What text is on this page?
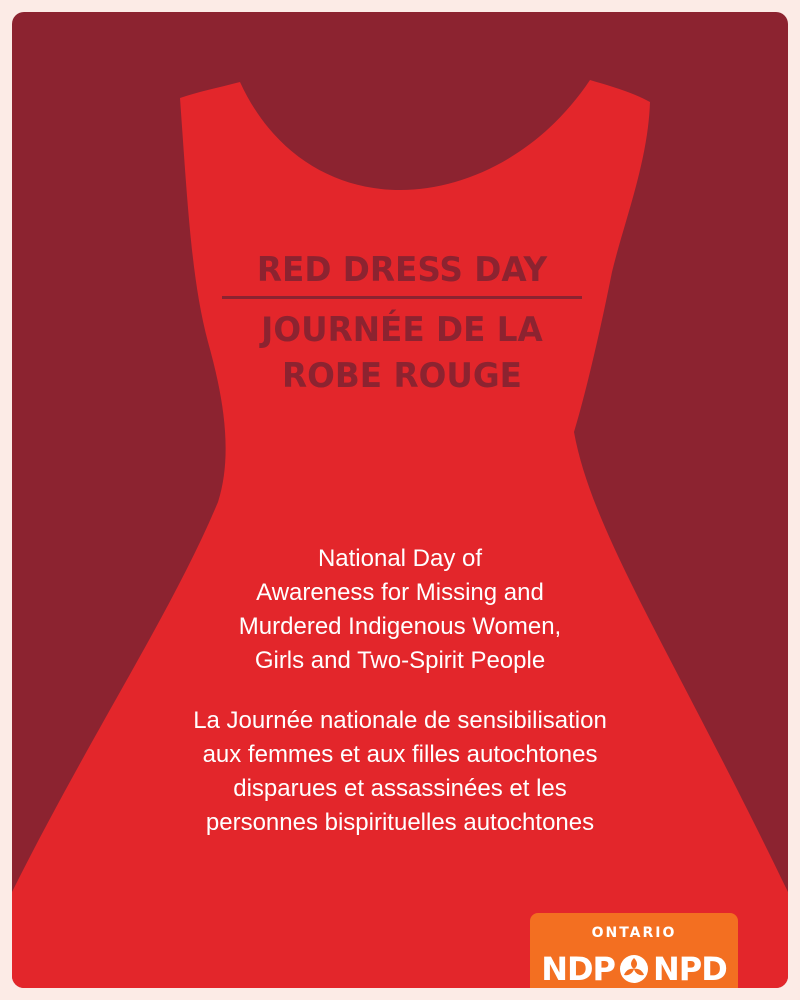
RED DRESS DAY
JOURNÉE DE LA
ROBE ROUGE
National Day of
Awareness for Missing and
Murdered Indigenous Women,
Girls and Two-Spirit People
La Journée nationale de sensibilisation
aux femmes et aux filles autochtones
disparues et assassinées et les
personnes bispirituelles autochtones
ONTARIO
NDP NPD
